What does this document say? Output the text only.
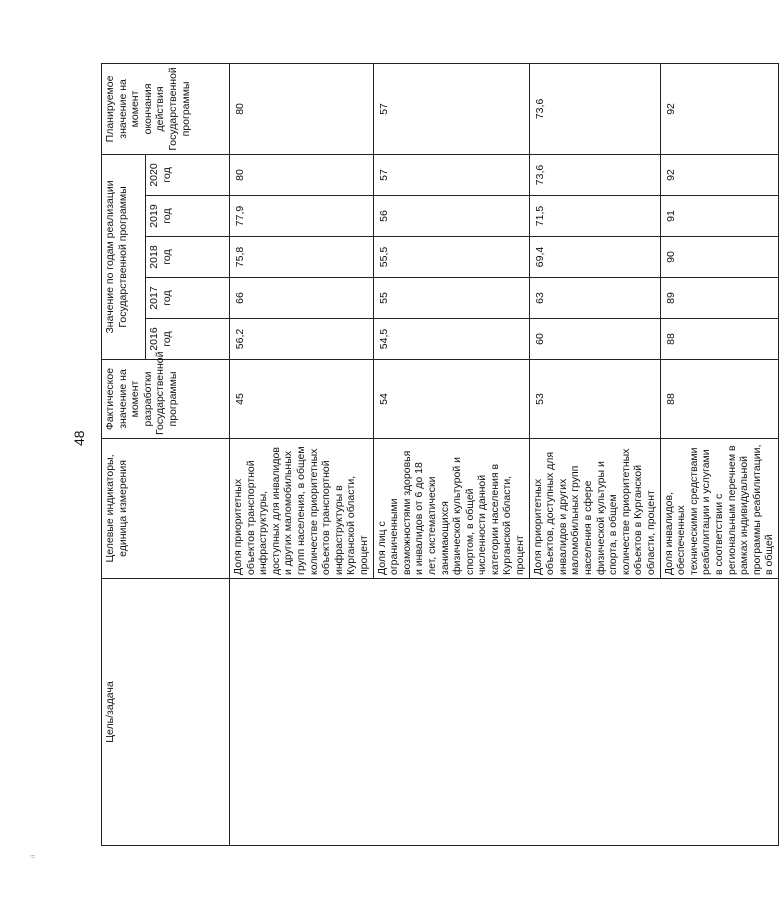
48
ii
Цель/задача	Целевые индикаторы, единица измерения	Фактическое значение на момент разработки Государственной программы	Значение по годам реализации Государственной программы					Планируемое значение на момент окончания действия Государственной программы
			2016 год	2017 год	2018 год	2019 год	2020 год	
	Доля приоритетных объектов транспортной инфраструктуры, доступных для инвалидов и других маломобильных групп населения, в общем количестве приоритетных объектов транспортной инфраструктуры в Курганской области, процент	45	56,2	66	75,8	77,9	80	80
	Доля лиц с ограниченными возможностями здоровья и инвалидов от 6 до 18 лет, систематически занимающихся физической культурой и спортом, в общей численности данной категории населения в Курганской области, процент	54	54,5	55	55,5	56	57	57
	Доля приоритетных объектов, доступных для инвалидов и других маломобильных групп населения в сфере физической культуры и спорта, в общем количестве приоритетных объектов в Курганской области, процент	53	60	63	69,4	71,5	73,6	73,6
	Доля инвалидов, обеспеченных техническими средствами реабилитации и услугами в соответствии с региональным перечнем в рамках индивидуальной программы реабилитации, в общей	88	88	89	90	91	92	92
